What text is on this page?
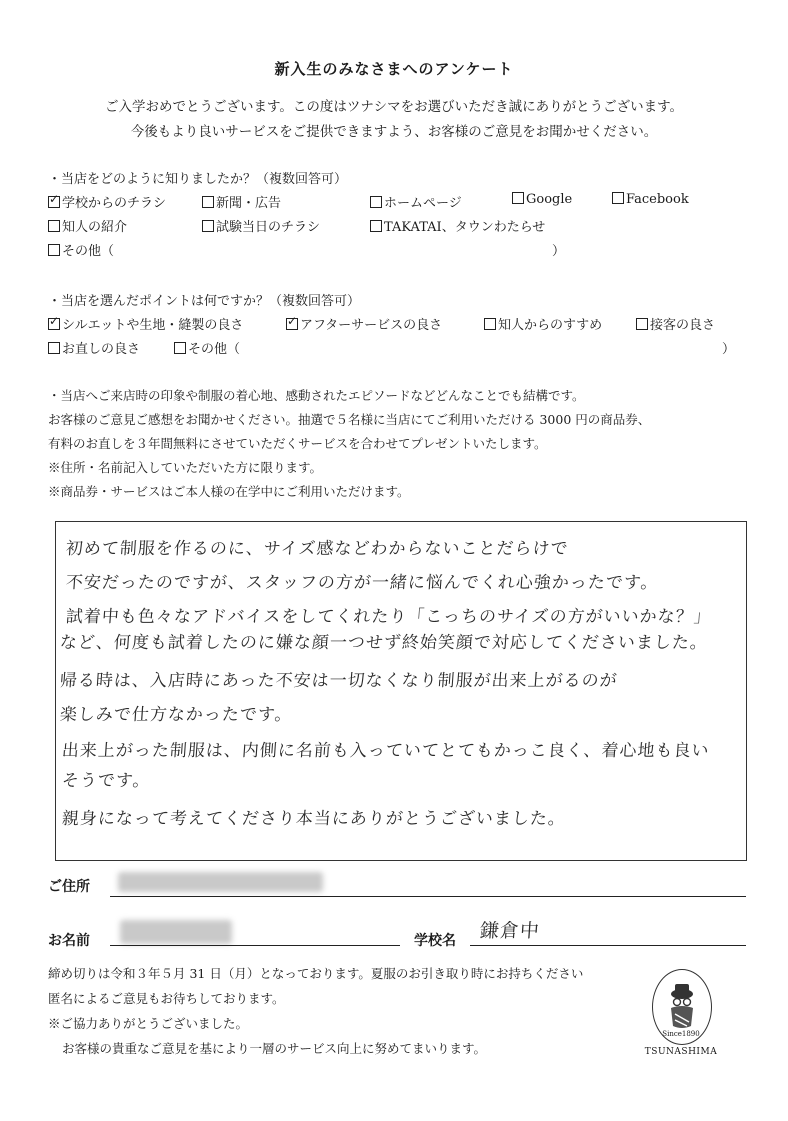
新入生のみなさまへのアンケート
ご入学おめでとうございます。この度はツナシマをお選びいただき誠にありがとうございます。
今後もより良いサービスをご提供できますよう、お客様のご意見をお聞かせください。
・当店をどのように知りましたか？（複数回答可）
✓学校からのチラシ	新聞・広告	ホームページ	Google	Facebook
知人の紹介	試験当日のチラシ	TAKATAI、タウンわたらせ
その他（	）
・当店を選んだポイントは何ですか？（複数回答可）
✓シルエットや生地・縫製の良さ
✓	アフターサービスの良さ	知人からのすすめ	接客の良さ
お直しの良さ	その他（	）
・当店へご来店時の印象や制服の着心地、感動されたエピソードなどどんなことでも結構です。
お客様のご意見ご感想をお聞かせください。抽選で５名様に当店にてご利用いただける 3000 円の商品券、
有料のお直しを３年間無料にさせていただくサービスを合わせてプレゼントいたします。
※住所・名前記入していただいた方に限ります。
※商品券・サービスはご本人様の在学中にご利用いただけます。
初めて制服を作るのに、サイズ感などわからないことだらけで
不安だったのですが、スタッフの方が一緒に悩んでくれ心強かったです。
試着中も色々なアドバイスをしてくれたり「こっちのサイズの方がいいかな？」
など、何度も試着したのに嫌な顔一つせず終始笑顔で対応してくださいました。
帰る時は、入店時にあった不安は一切なくなり制服が出来上がるのが
楽しみで仕方なかったです。
出来上がった制服は、内側に名前も入っていてとてもかっこ良く、着心地も良い
そうです。
親身になって考えてくださり本当にありがとうございました。
ご住所
お名前	学校名 鎌倉中
締め切りは令和３年５月 31 日（月）となっております。夏服のお引き取り時にお持ちください
匿名によるご意見もお待ちしております。
※ご協力ありがとうございました。
お客様の貴重なご意見を基により一層のサービス向上に努めてまいります。
Since1890
TSUNASHIMA
